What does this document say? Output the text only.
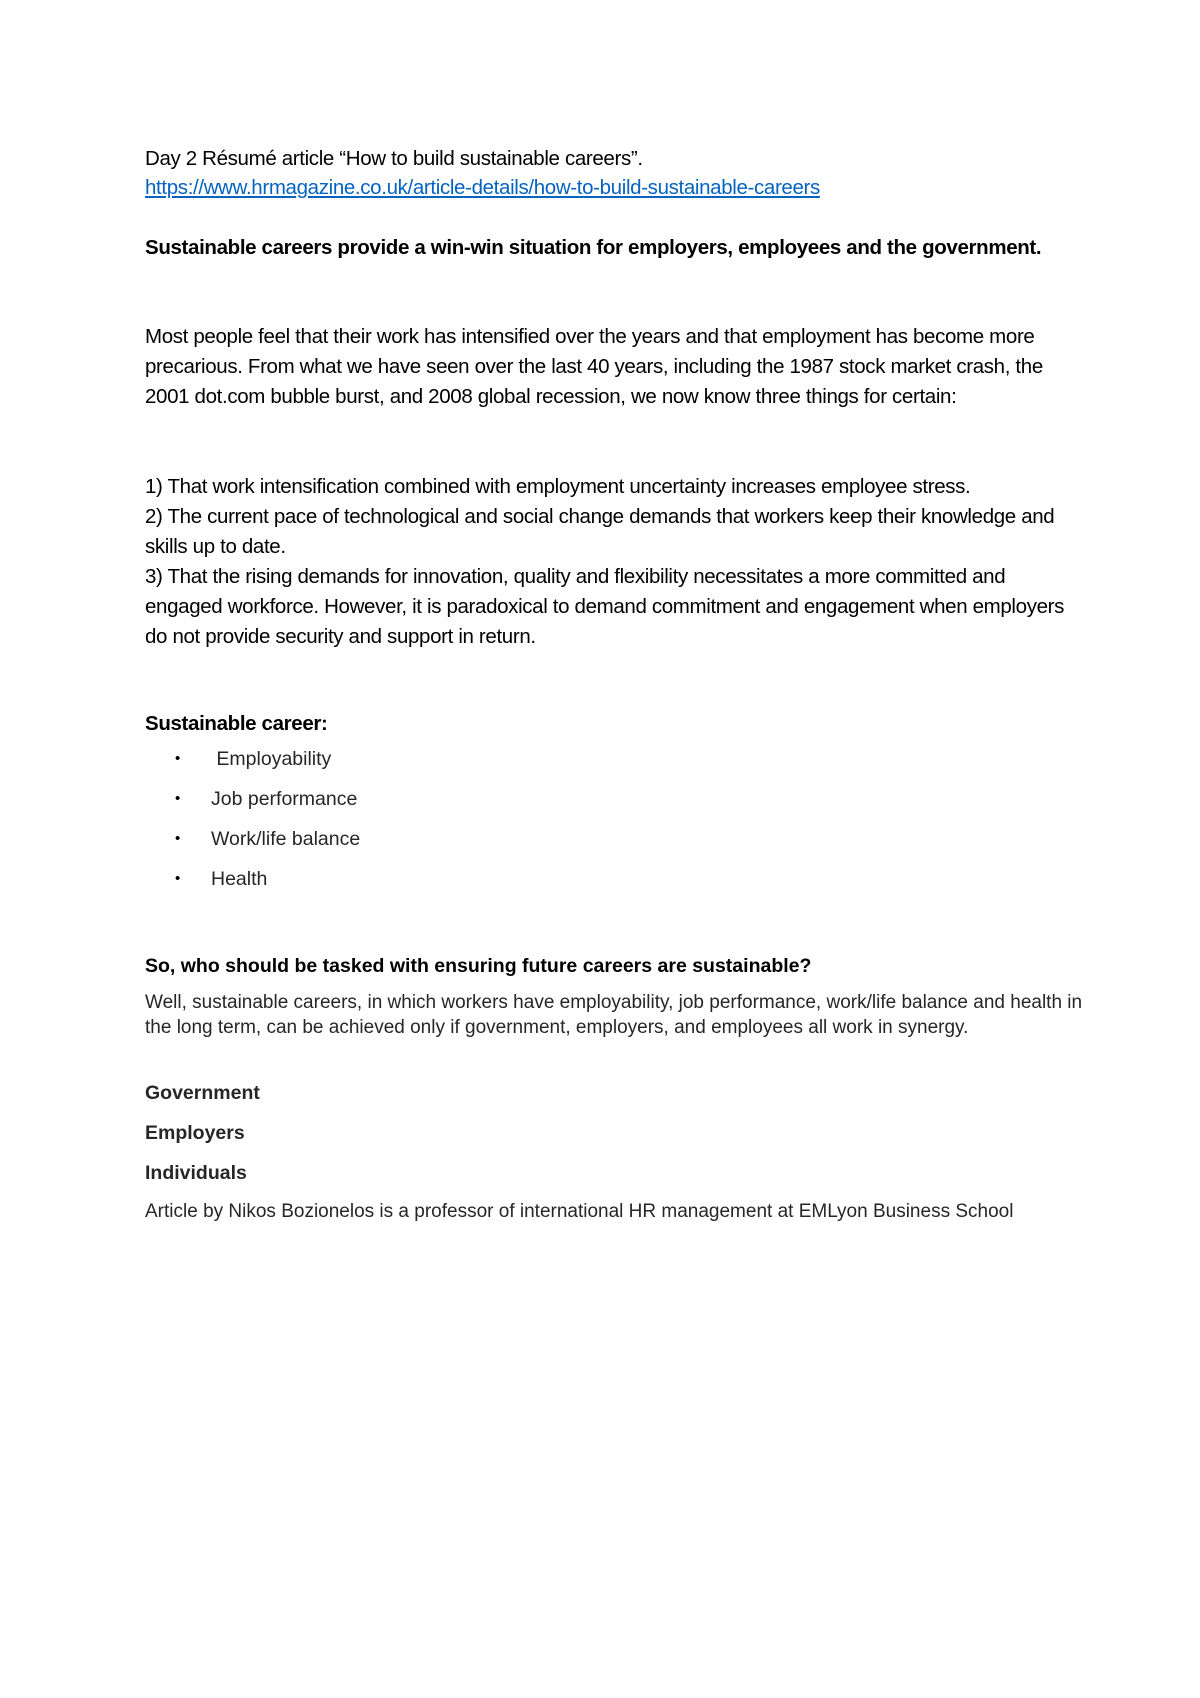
Day 2 Résumé article “How to build sustainable careers”.

https://www.hrmagazine.co.uk/article-details/how-to-build-sustainable-careers

Sustainable careers provide a win-win situation for employers, employees and the government.

Most people feel that their work has intensified over the years and that employment has become more precarious. From what we have seen over the last 40 years, including the 1987 stock market crash, the 2001 dot.com bubble burst, and 2008 global recession, we now know three things for certain:

1) That work intensification combined with employment uncertainty increases employee stress.

2) The current pace of technological and social change demands that workers keep their knowledge and skills up to date.

3) That the rising demands for innovation, quality and flexibility necessitates a more committed and engaged workforce. However, it is paradoxical to demand commitment and engagement when employers do not provide security and support in return.

Sustainable career:

•	Employability
•	Job performance
•	Work/life balance
•	Health

So, who should be tasked with ensuring future careers are sustainable?

Well, sustainable careers, in which workers have employability, job performance, work/life balance and health in the long term, can be achieved only if government, employers, and employees all work in synergy.

Government

Employers

Individuals

Article by Nikos Bozionelos is a professor of international HR management at EMLyon Business School
